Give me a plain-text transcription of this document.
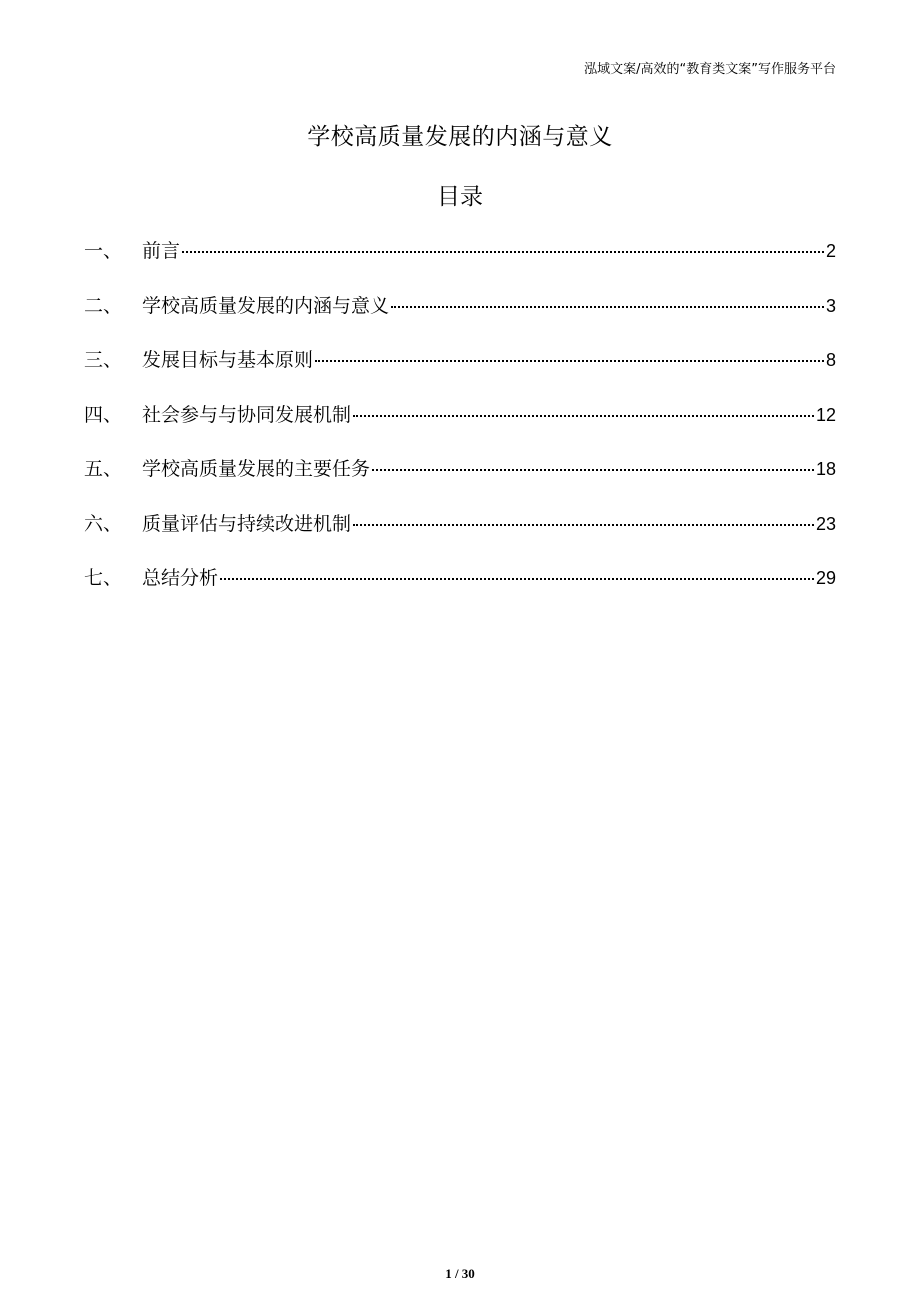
泓域文案/高效的“教育类文案”写作服务平台
学校高质量发展的内涵与意义
目录
一、	前言	2
二、	学校高质量发展的内涵与意义	3
三、	发展目标与基本原则	8
四、	社会参与与协同发展机制	12
五、	学校高质量发展的主要任务	18
六、	质量评估与持续改进机制	23
七、	总结分析	29
1 / 30
